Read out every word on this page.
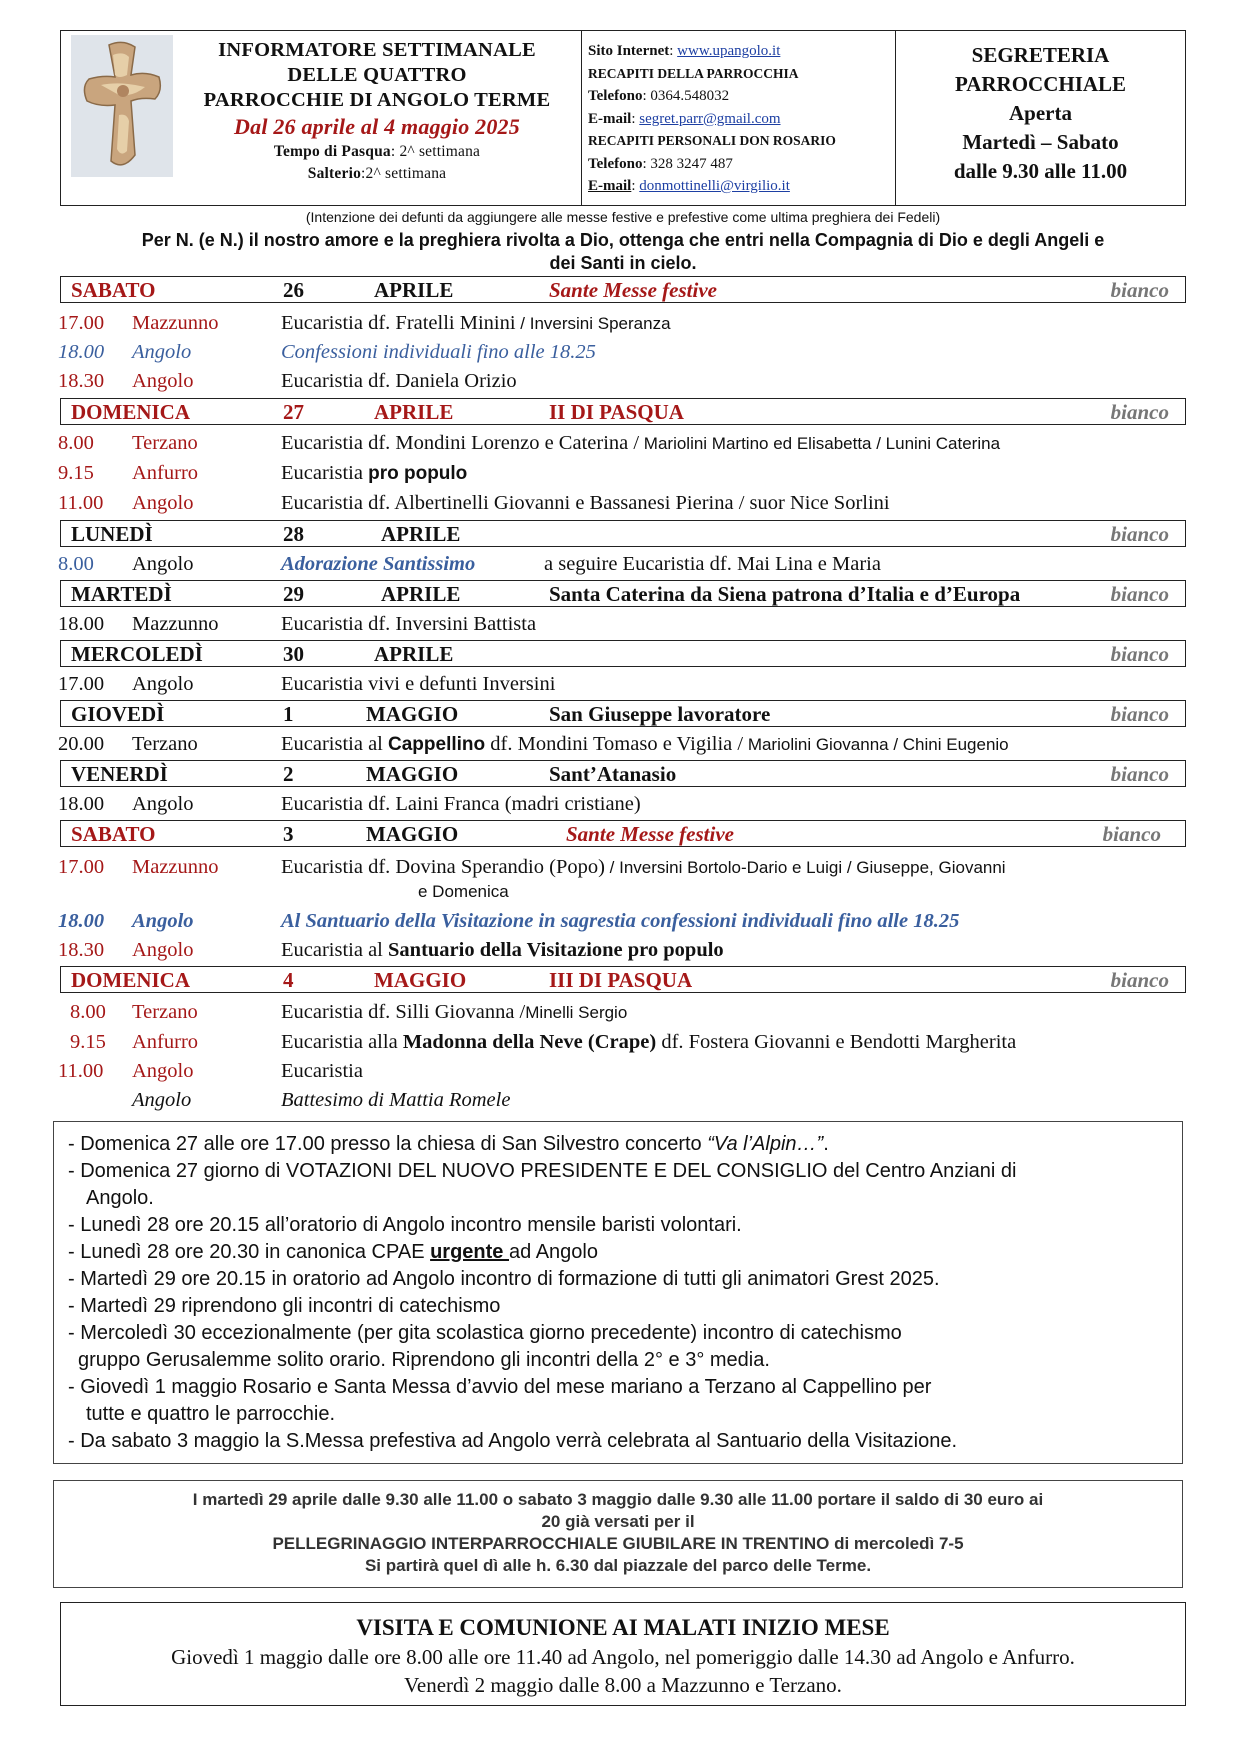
INFORMATORE SETTIMANALE
DELLE QUATTRO
PARROCCHIE DI ANGOLO TERME
Dal 26 aprile al 4 maggio 2025
Tempo di Pasqua: 2^ settimana
Salterio:2^ settimana
Sito Internet: www.upangolo.it
RECAPITI DELLA PARROCCHIA
Telefono: 0364.548032
E-mail: segret.parr@gmail.com
RECAPITI PERSONALI DON ROSARIO
Telefono: 328 3247 487
E-mail: donmottinelli@virgilio.it
SEGRETERIA
PARROCCHIALE
Aperta
Martedì – Sabato
dalle 9.30 alle 11.00
(Intenzione dei defunti da aggiungere alle messe festive e prefestive come ultima preghiera dei Fedeli)
Per N. (e N.) il nostro amore e la preghiera rivolta a Dio, ottenga che entri nella Compagnia di Dio e degli Angeli e
dei Santi in cielo.
SABATO	26	APRILE	Sante Messe festive	bianco
17.00 Mazzunno	Eucaristia df. Fratelli Minini / Inversini Speranza
18.00 Angolo	Confessioni individuali fino alle 18.25
18.30 Angolo	Eucaristia df. Daniela Orizio
DOMENICA	27	APRILE	II DI PASQUA	bianco
8.00 Terzano	Eucaristia df. Mondini Lorenzo e Caterina / Mariolini Martino ed Elisabetta / Lunini Caterina
9.15 Anfurro	Eucaristia pro populo
11.00 Angolo	Eucaristia df. Albertinelli Giovanni e Bassanesi Pierina / suor Nice Sorlini
LUNEDÌ	28	APRILE	bianco
8.00 Angolo	Adorazione Santissimo	a seguire Eucaristia df. Mai Lina e Maria
MARTEDÌ	29	APRILE	Santa Caterina da Siena patrona d’Italia e d’Europa	bianco
18.00 Mazzunno	Eucaristia df. Inversini Battista
MERCOLEDÌ	30	APRILE	bianco
17.00 Angolo	Eucaristia vivi e defunti Inversini
GIOVEDÌ	1	MAGGIO	San Giuseppe lavoratore	bianco
20.00 Terzano	Eucaristia al Cappellino df. Mondini Tomaso e Vigilia / Mariolini Giovanna / Chini Eugenio
VENERDÌ	2	MAGGIO	Sant’Atanasio	bianco
18.00 Angolo	Eucaristia df. Laini Franca (madri cristiane)
SABATO	3	MAGGIO	Sante Messe festive	bianco
17.00 Mazzunno	Eucaristia df. Dovina Sperandio (Popo) / Inversini Bortolo-Dario e Luigi / Giuseppe, Giovanni
e Domenica
18.00 Angolo	Al Santuario della Visitazione in sagrestia confessioni individuali fino alle 18.25
18.30 Angolo	Eucaristia al Santuario della Visitazione pro populo
DOMENICA	4	MAGGIO	III DI PASQUA	bianco
8.00 Terzano	Eucaristia df. Silli Giovanna /Minelli Sergio
9.15 Anfurro	Eucaristia alla Madonna della Neve (Crape) df. Fostera Giovanni e Bendotti Margherita
11.00 Angolo	Eucaristia
Angolo	Battesimo di Mattia Romele
- Domenica 27 alle ore 17.00 presso la chiesa di San Silvestro concerto “Va l’Alpin…”.
- Domenica 27 giorno di VOTAZIONI DEL NUOVO PRESIDENTE E DEL CONSIGLIO del Centro Anziani di
Angolo.
- Lunedì 28 ore 20.15 all’oratorio di Angolo incontro mensile baristi volontari.
- Lunedì 28 ore 20.30 in canonica CPAE urgente ad Angolo
- Martedì 29 ore 20.15 in oratorio ad Angolo incontro di formazione di tutti gli animatori Grest 2025.
- Martedì 29 riprendono gli incontri di catechismo
- Mercoledì 30 eccezionalmente (per gita scolastica giorno precedente) incontro di catechismo
gruppo Gerusalemme solito orario. Riprendono gli incontri della 2° e 3° media.
- Giovedì 1 maggio Rosario e Santa Messa d’avvio del mese mariano a Terzano al Cappellino per
tutte e quattro le parrocchie.
- Da sabato 3 maggio la S.Messa prefestiva ad Angolo verrà celebrata al Santuario della Visitazione.
I martedì 29 aprile dalle 9.30 alle 11.00 o sabato 3 maggio dalle 9.30 alle 11.00 portare il saldo di 30 euro ai
20 già versati per il
PELLEGRINAGGIO INTERPARROCCHIALE GIUBILARE IN TRENTINO di mercoledì 7-5
Si partirà quel dì alle h. 6.30 dal piazzale del parco delle Terme.
VISITA E COMUNIONE AI MALATI INIZIO MESE
Giovedì 1 maggio dalle ore 8.00 alle ore 11.40 ad Angolo, nel pomeriggio dalle 14.30 ad Angolo e Anfurro.
Venerdì 2 maggio dalle 8.00 a Mazzunno e Terzano.
